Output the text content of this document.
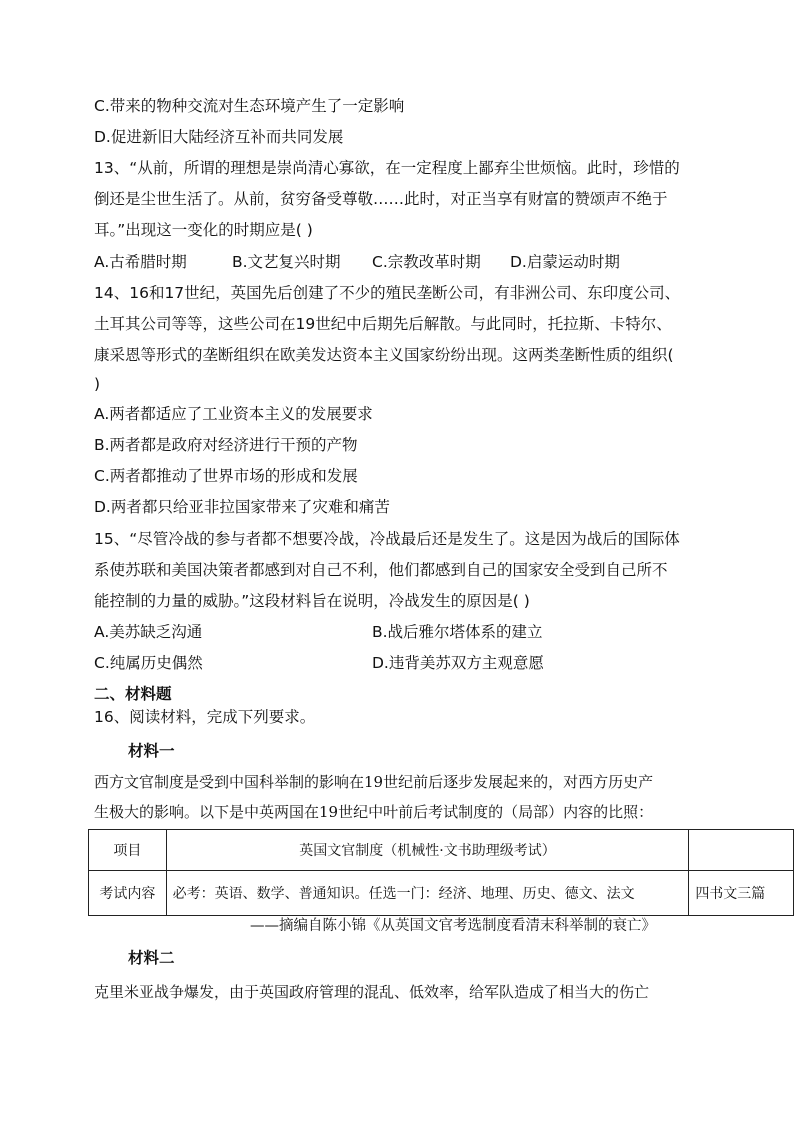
C.带来的物种交流对生态环境产生了一定影响
D.促进新旧大陆经济互补而共同发展
13、“从前，所谓的理想是崇尚清心寡欲，在一定程度上鄙弃尘世烦恼。此时，珍惜的
倒还是尘世生活了。从前，贫穷备受尊敬……此时，对正当享有财富的赞颂声不绝于
耳。”出现这一变化的时期应是( )
A.古希腊时期	B.文艺复兴时期 C.宗教改革时期 D.启蒙运动时期
14、16和17世纪，英国先后创建了不少的殖民垄断公司，有非洲公司、东印度公司、
土耳其公司等等，这些公司在19世纪中后期先后解散。与此同时，托拉斯、卡特尔、
康采恩等形式的垄断组织在欧美发达资本主义国家纷纷出现。这两类垄断性质的组织(
)
A.两者都适应了工业资本主义的发展要求
B.两者都是政府对经济进行干预的产物
C.两者都推动了世界市场的形成和发展
D.两者都只给亚非拉国家带来了灾难和痛苦
15、“尽管冷战的参与者都不想要冷战，冷战最后还是发生了。这是因为战后的国际体
系使苏联和美国决策者都感到对自己不利，他们都感到自己的国家安全受到自己所不
能控制的力量的威胁。”这段材料旨在说明，冷战发生的原因是( )
A.美苏缺乏沟通	B.战后雅尔塔体系的建立
C.纯属历史偶然	D.违背美苏双方主观意愿
二、材料题
16、阅读材料，完成下列要求。
材料一
西方文官制度是受到中国科举制的影响在19世纪前后逐步发展起来的，对西方历史产
生极大的影响。以下是中英两国在19世纪中叶前后考试制度的（局部）内容的比照：
项目	英国文官制度（机械性·文书助理级考试）	
考试内容	必考：英语、数学、普通知识。任选一门：经济、地理、历史、德文、法文	四书文三篇
——摘编自陈小锦《从英国文官考选制度看清末科举制的衰亡》
材料二
克里米亚战争爆发，由于英国政府管理的混乱、低效率，给军队造成了相当大的伤亡
